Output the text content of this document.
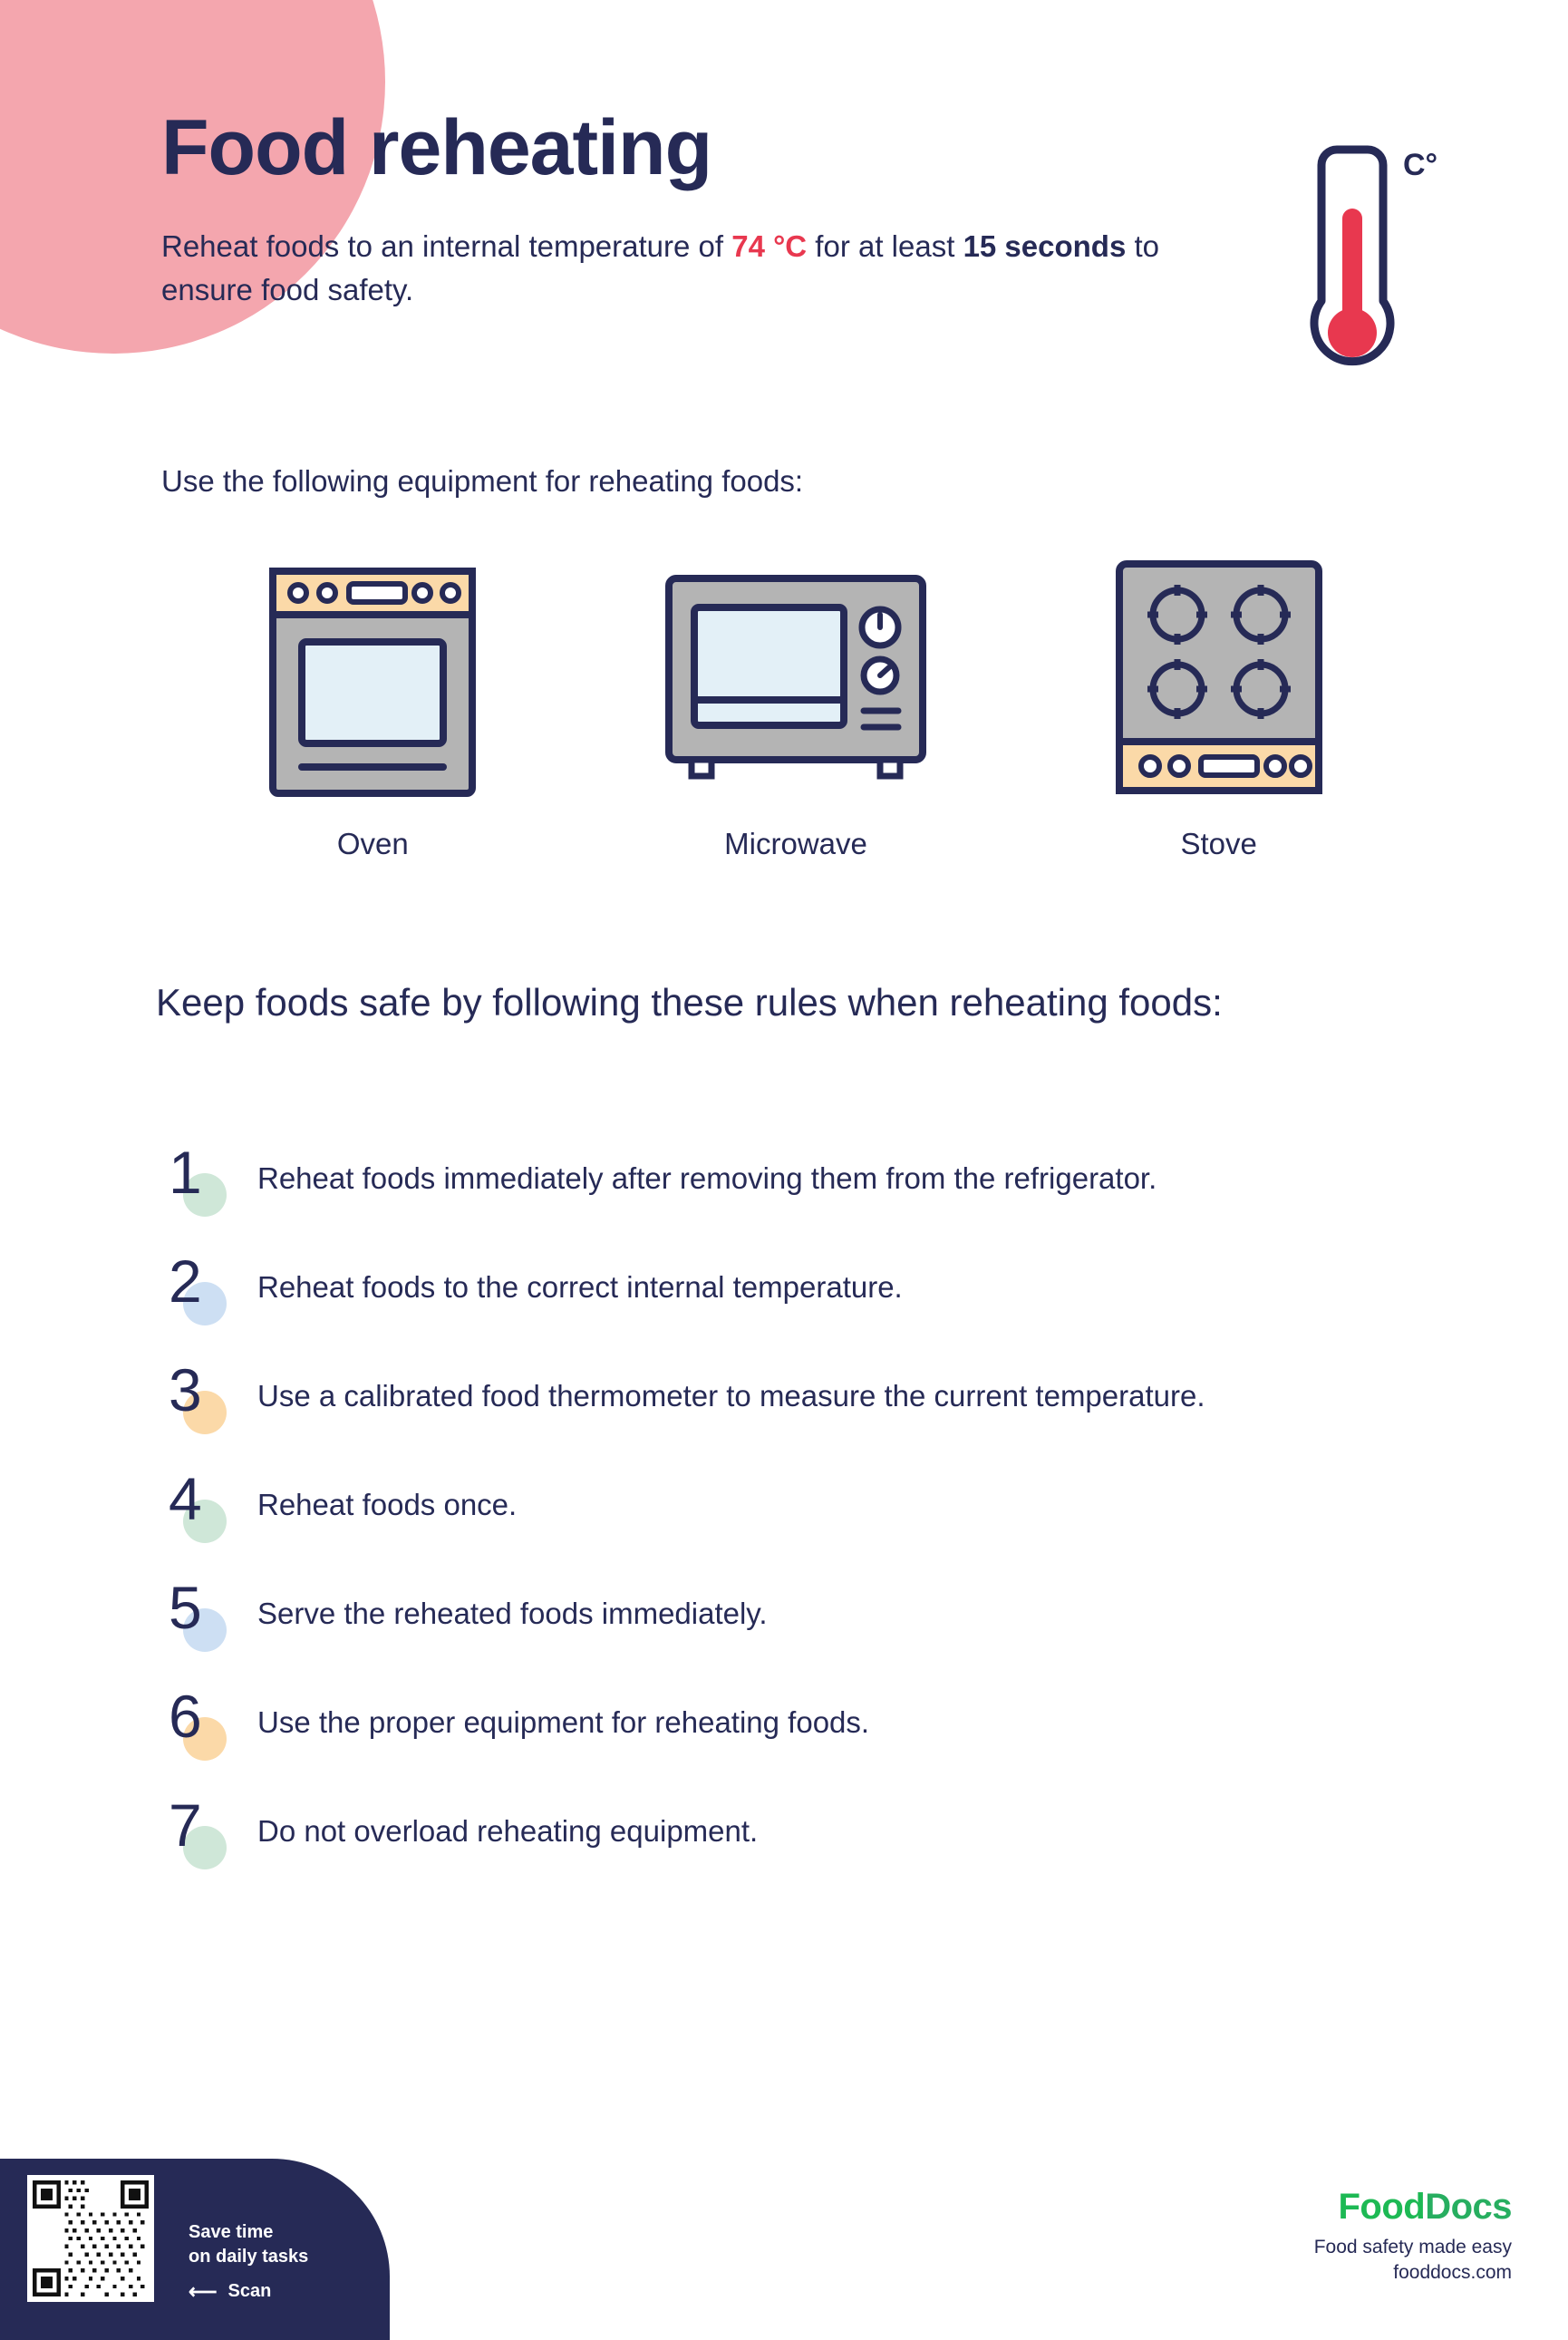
Food reheating
Reheat foods to an internal temperature of 74 °C for at least 15 seconds to ensure food safety.
C°
Use the following equipment for reheating foods:
Oven	Microwave	Stove
Keep foods safe by following these rules when reheating foods:
1 Reheat foods immediately after removing them from the refrigerator.
2 Reheat foods to the correct internal temperature.
3 Use a calibrated food thermometer to measure the current temperature.
4 Reheat foods once.
5 Serve the reheated foods immediately.
6 Use the proper equipment for reheating foods.
7 Do not overload reheating equipment.
Save time
on daily tasks
⟵ Scan
FoodDocs
Food safety made easy
fooddocs.com
